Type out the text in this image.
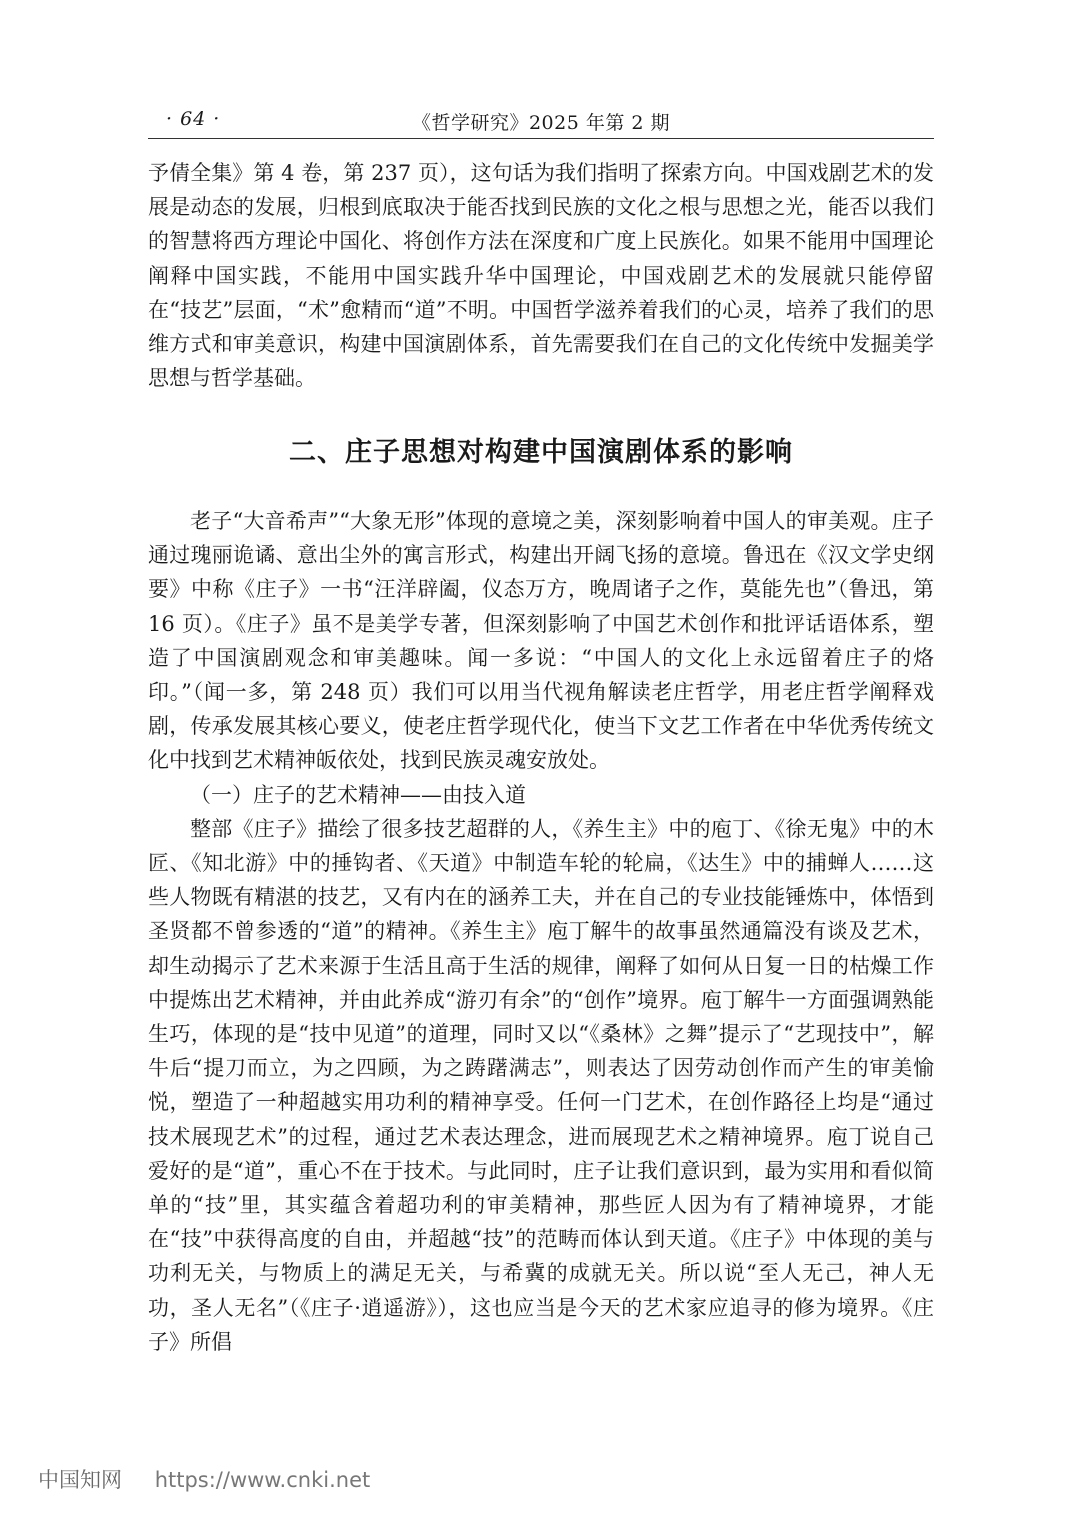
· 64 ·	《哲学研究》2025 年第 2 期

予倩全集》第 4 卷，第 237 页），这句话为我们指明了探索方向。中国戏剧艺术的发展是动态的发展，归根到底取决于能否找到民族的文化之根与思想之光，能否以我们的智慧将西方理论中国化、将创作方法在深度和广度上民族化。如果不能用中国理论阐释中国实践，不能用中国实践升华中国理论，中国戏剧艺术的发展就只能停留在“技艺”层面，“术”愈精而“道”不明。中国哲学滋养着我们的心灵，培养了我们的思维方式和审美意识，构建中国演剧体系，首先需要我们在自己的文化传统中发掘美学思想与哲学基础。

二、庄子思想对构建中国演剧体系的影响

老子“大音希声”“大象无形”体现的意境之美，深刻影响着中国人的审美观。庄子通过瑰丽诡谲、意出尘外的寓言形式，构建出开阔飞扬的意境。鲁迅在《汉文学史纲要》中称《庄子》一书“汪洋辟阖，仪态万方，晚周诸子之作，莫能先也”（鲁迅，第 16 页）。《庄子》虽不是美学专著，但深刻影响了中国艺术创作和批评话语体系，塑造了中国演剧观念和审美趣味。闻一多说：“中国人的文化上永远留着庄子的烙印。”（闻一多，第 248 页）我们可以用当代视角解读老庄哲学，用老庄哲学阐释戏剧，传承发展其核心要义，使老庄哲学现代化，使当下文艺工作者在中华优秀传统文化中找到艺术精神皈依处，找到民族灵魂安放处。

（一）庄子的艺术精神——由技入道

整部《庄子》描绘了很多技艺超群的人，《养生主》中的庖丁、《徐无鬼》中的木匠、《知北游》中的捶钩者、《天道》中制造车轮的轮扁，《达生》中的捕蝉人……这些人物既有精湛的技艺，又有内在的涵养工夫，并在自己的专业技能锤炼中，体悟到圣贤都不曾参透的“道”的精神。《养生主》庖丁解牛的故事虽然通篇没有谈及艺术，却生动揭示了艺术来源于生活且高于生活的规律，阐释了如何从日复一日的枯燥工作中提炼出艺术精神，并由此养成“游刃有余”的“创作”境界。庖丁解牛一方面强调熟能生巧，体现的是“技中见道”的道理，同时又以“《桑林》之舞”提示了“艺现技中”，解牛后“提刀而立，为之四顾，为之踌躇满志”，则表达了因劳动创作而产生的审美愉悦，塑造了一种超越实用功利的精神享受。任何一门艺术，在创作路径上均是“通过技术展现艺术”的过程，通过艺术表达理念，进而展现艺术之精神境界。庖丁说自己爱好的是“道”，重心不在于技术。与此同时，庄子让我们意识到，最为实用和看似简单的“技”里，其实蕴含着超功利的审美精神，那些匠人因为有了精神境界，才能在“技”中获得高度的自由，并超越“技”的范畴而体认到天道。《庄子》中体现的美与功利无关，与物质上的满足无关，与希冀的成就无关。所以说“至人无己，神人无功，圣人无名”（《庄子·逍遥游》），这也应当是今天的艺术家应追寻的修为境界。《庄子》所倡

中国知网 https://www.cnki.net
